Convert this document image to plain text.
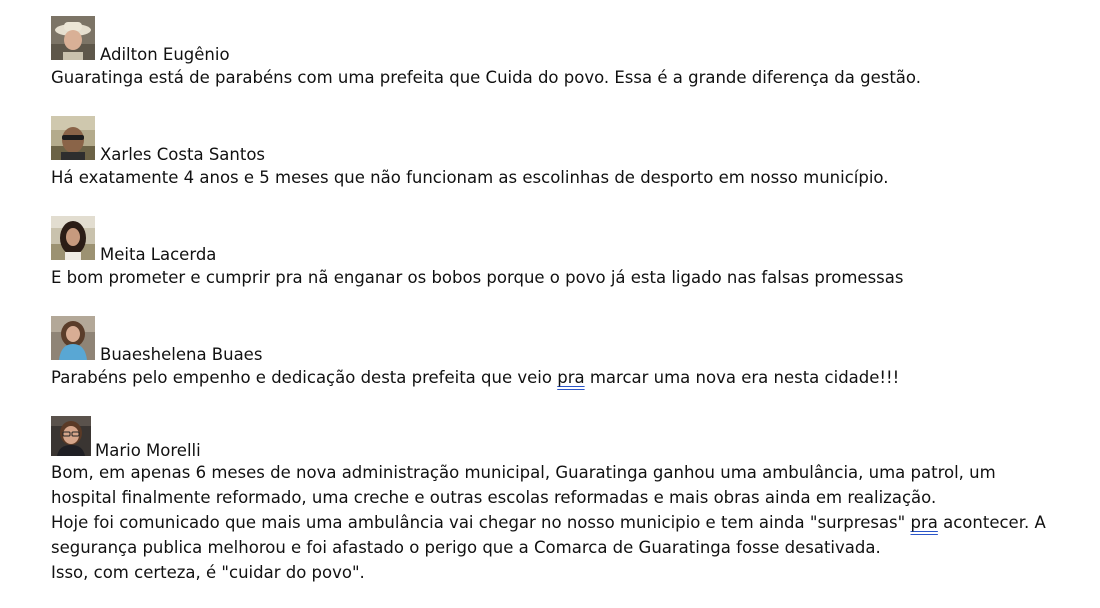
Adilton Eugênio
Guaratinga está de parabéns com uma prefeita que Cuida do povo. Essa é a grande diferença da gestão.
Xarles Costa Santos
Há exatamente 4 anos e 5 meses que não funcionam as escolinhas de desporto em nosso município.
Meita Lacerda
E bom prometer e cumprir pra nã enganar os bobos porque o povo já esta ligado nas falsas promessas
Buaeshelena Buaes
Parabéns pelo empenho e dedicação desta prefeita que veio pra marcar uma nova era nesta cidade!!!
Mario Morelli
Bom, em apenas 6 meses de nova administração municipal, Guaratinga ganhou uma ambulância, uma patrol, um
hospital finalmente reformado, uma creche e outras escolas reformadas e mais obras ainda em realização.
Hoje foi comunicado que mais uma ambulância vai chegar no nosso municipio e tem ainda "surpresas" pra acontecer. A
segurança publica melhorou e foi afastado o perigo que a Comarca de Guaratinga fosse desativada.
Isso, com certeza, é "cuidar do povo".
